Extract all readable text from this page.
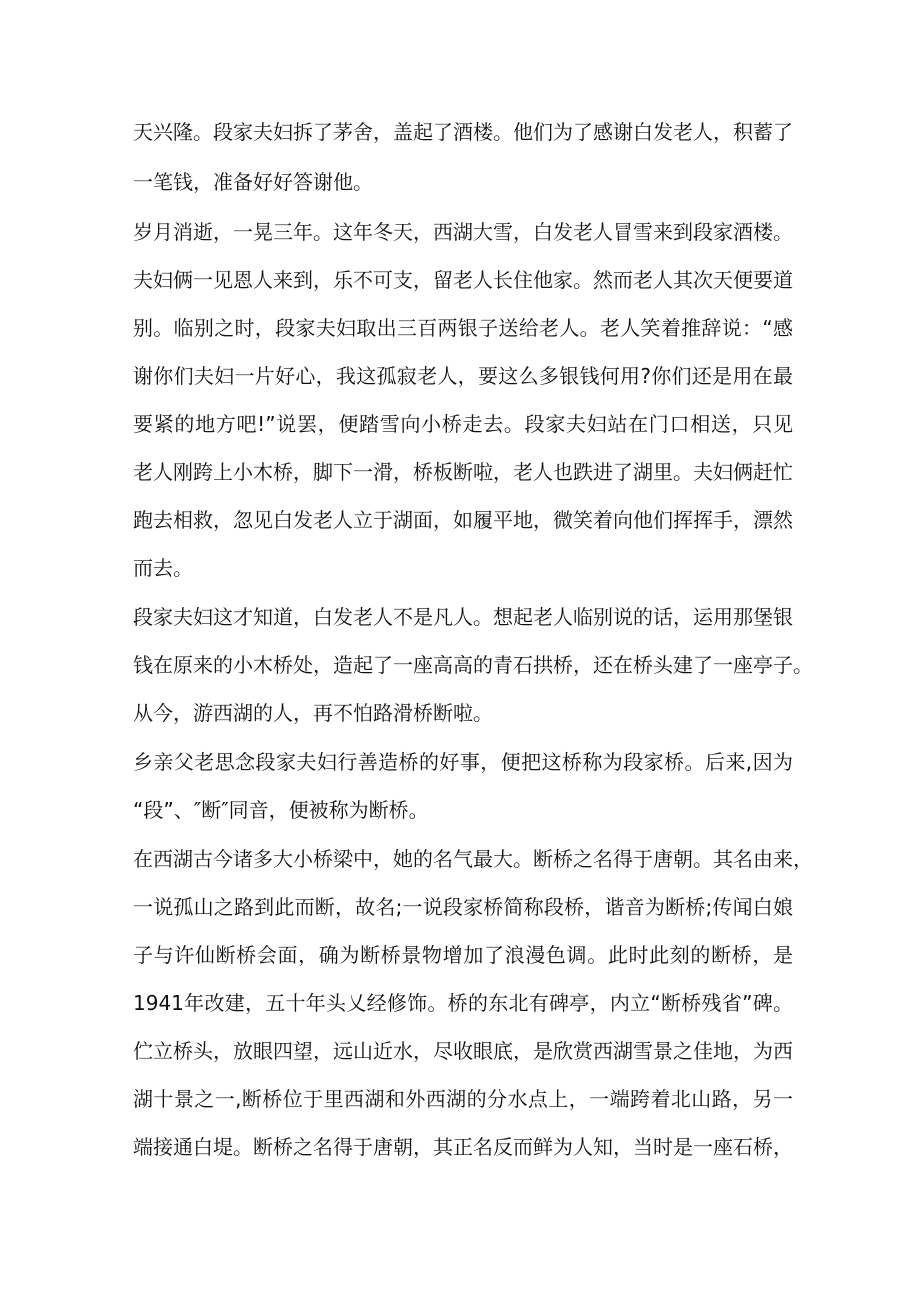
天兴隆。段家夫妇拆了茅舍，盖起了酒楼。他们为了感谢白发老人，积蓄了
一笔钱，准备好好答谢他。
岁月消逝，一晃三年。这年冬天，西湖大雪，白发老人冒雪来到段家酒楼。
夫妇俩一见恩人来到，乐不可支，留老人长住他家。然而老人其次天便要道
别。临别之时，段家夫妇取出三百两银子送给老人。老人笑着推辞说：“感
谢你们夫妇一片好心，我这孤寂老人，要这么多银钱何用?你们还是用在最
要紧的地方吧!”说罢，便踏雪向小桥走去。段家夫妇站在门口相送，只见
老人刚跨上小木桥，脚下一滑，桥板断啦，老人也跌进了湖里。夫妇俩赶忙
跑去相救，忽见白发老人立于湖面，如履平地，微笑着向他们挥挥手，漂然
而去。
段家夫妇这才知道，白发老人不是凡人。想起老人临别说的话，运用那堡银
钱在原来的小木桥处，造起了一座高高的青石拱桥，还在桥头建了一座亭子。
从今，游西湖的人，再不怕路滑桥断啦。
乡亲父老思念段家夫妇行善造桥的好事，便把这桥称为段家桥。后来,因为
“段”、″断″同音，便被称为断桥。
在西湖古今诸多大小桥梁中，她的名气最大。断桥之名得于唐朝。其名由来，
一说孤山之路到此而断，故名;一说段家桥简称段桥，谐音为断桥;传闻白娘
子与许仙断桥会面，确为断桥景物增加了浪漫色调。此时此刻的断桥，是
1941年改建，五十年头乂经修饰。桥的东北有碑亭，内立“断桥残省”碑。
伫立桥头，放眼四望，远山近水，尽收眼底，是欣赏西湖雪景之佳地，为西
湖十景之一,断桥位于里西湖和外西湖的分水点上，一端跨着北山路，另一
端接通白堤。断桥之名得于唐朝，其正名反而鲜为人知，当时是一座石桥，
